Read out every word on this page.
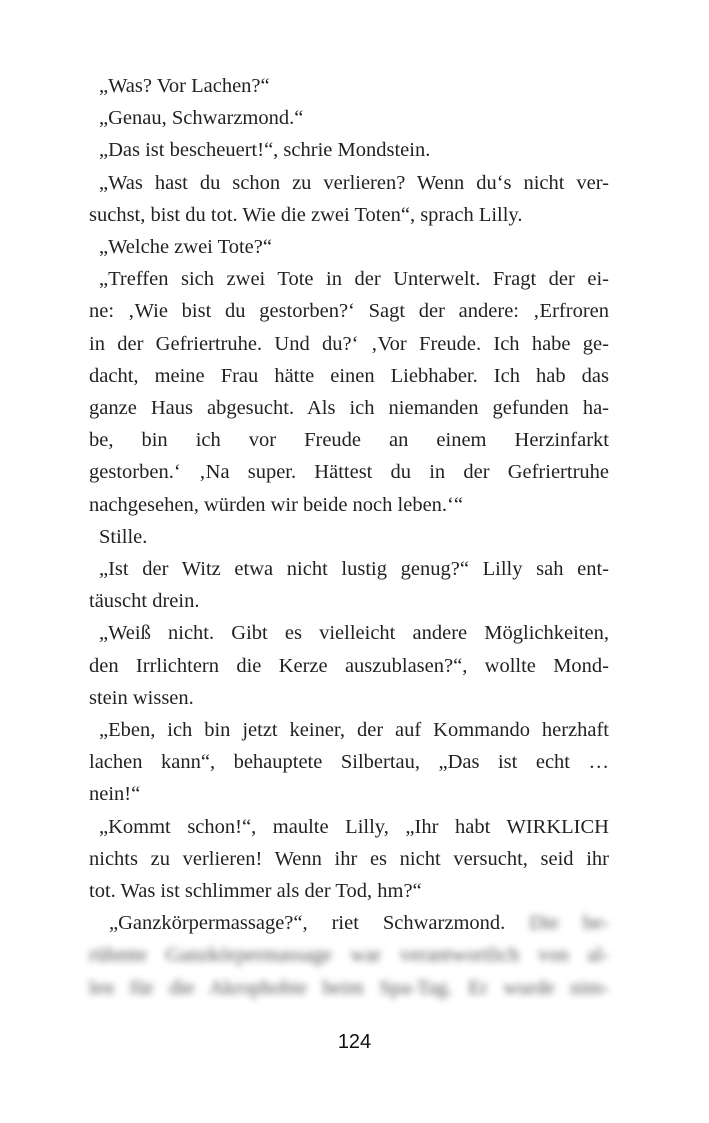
„Was? Vor Lachen?“
„Genau, Schwarzmond.“
„Das ist bescheuert!“, schrie Mondstein.
„Was hast du schon zu verlieren? Wenn du‘s nicht ver-
suchst, bist du tot. Wie die zwei Toten“, sprach Lilly.
„Welche zwei Tote?“
„Treffen sich zwei Tote in der Unterwelt. Fragt der ei-
ne: ‚Wie bist du gestorben?‘ Sagt der andere: ‚Erfroren
in der Gefriertruhe. Und du?‘ ‚Vor Freude. Ich habe ge-
dacht, meine Frau hätte einen Liebhaber. Ich hab das
ganze Haus abgesucht. Als ich niemanden gefunden ha-
be, bin ich vor Freude an einem Herzinfarkt
gestorben.‘ ‚Na super. Hättest du in der Gefriertruhe
nachgesehen, würden wir beide noch leben.‘“
Stille.
„Ist der Witz etwa nicht lustig genug?“ Lilly sah ent-
täuscht drein.
„Weiß nicht. Gibt es vielleicht andere Möglichkeiten,
den Irrlichtern die Kerze auszublasen?“, wollte Mond-
stein wissen.
„Eben, ich bin jetzt keiner, der auf Kommando herzhaft
lachen kann“, behauptete Silbertau, „Das ist echt …
nein!“
„Kommt schon!“, maulte Lilly, „Ihr habt WIRKLICH
nichts zu verlieren! Wenn ihr es nicht versucht, seid ihr
tot. Was ist schlimmer als der Tod, hm?“
„Ganzkörpermassage?“, riet Schwarzmond. Die be-
rühmte Ganzkörpermassage war verantwortlich von al-
len für die Akrophobie beim Spa-Tag. Er wurde nim-
124
